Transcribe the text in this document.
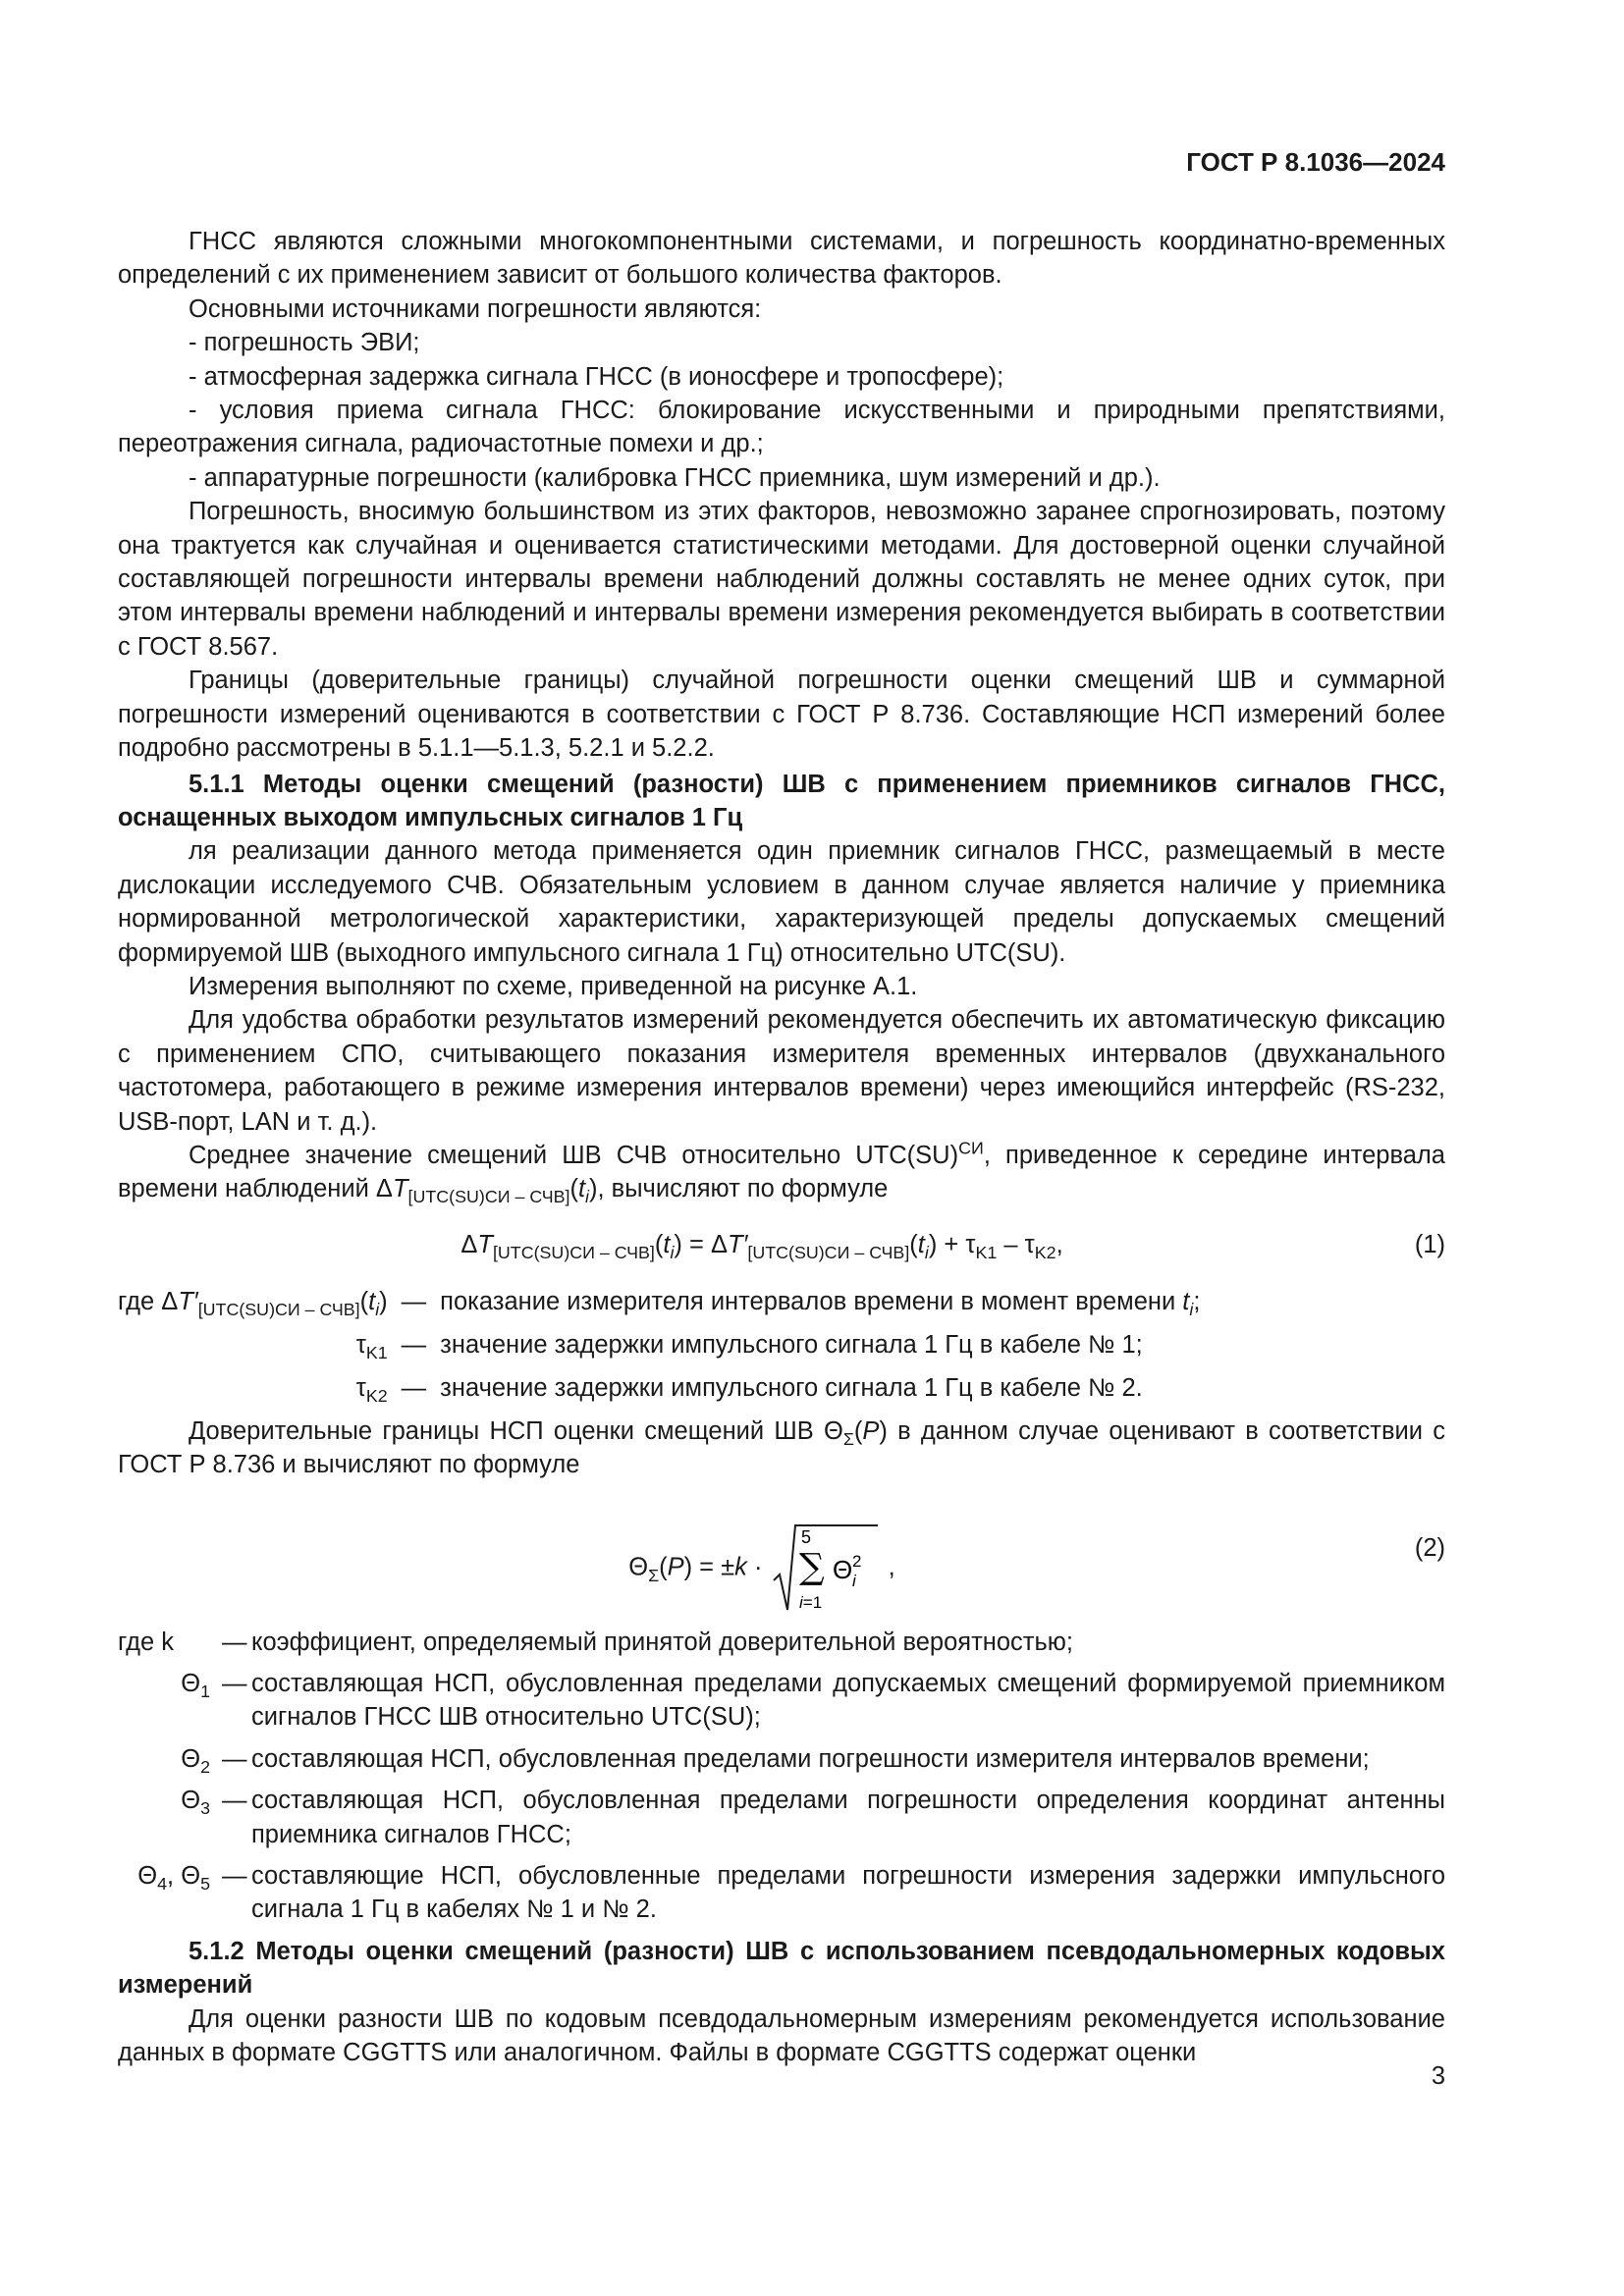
ГОСТ Р 8.1036—2024

ГНСС являются сложными многокомпонентными системами, и погрешность координатно-временных определений с их применением зависит от большого количества факторов.

Основными источниками погрешности являются:

- погрешность ЭВИ;

- атмосферная задержка сигнала ГНСС (в ионосфере и тропосфере);

- условия приема сигнала ГНСС: блокирование искусственными и природными препятствиями, переотражения сигнала, радиочастотные помехи и др.;

- аппаратурные погрешности (калибровка ГНСС приемника, шум измерений и др.).

Погрешность, вносимую большинством из этих факторов, невозможно заранее спрогнозировать, поэтому она трактуется как случайная и оценивается статистическими методами. Для достоверной оценки случайной составляющей погрешности интервалы времени наблюдений должны составлять не менее одних суток, при этом интервалы времени наблюдений и интервалы времени измерения рекомендуется выбирать в соответствии с ГОСТ 8.567.

Границы (доверительные границы) случайной погрешности оценки смещений ШВ и суммарной погрешности измерений оцениваются в соответствии с ГОСТ Р 8.736. Составляющие НСП измерений более подробно рассмотрены в 5.1.1—5.1.3, 5.2.1 и 5.2.2.

5.1.1 Методы оценки смещений (разности) ШВ с применением приемников сигналов ГНСС, оснащенных выходом импульсных сигналов 1 Гц

ля реализации данного метода применяется один приемник сигналов ГНСС, размещаемый в месте дислокации исследуемого СЧВ. Обязательным условием в данном случае является наличие у приемника нормированной метрологической характеристики, характеризующей пределы допускаемых смещений формируемой ШВ (выходного импульсного сигнала 1 Гц) относительно UTC(SU).

Измерения выполняют по схеме, приведенной на рисунке А.1.

Для удобства обработки результатов измерений рекомендуется обеспечить их автоматическую фиксацию с применением СПО, считывающего показания измерителя временных интервалов (двухканального частотомера, работающего в режиме измерения интервалов времени) через имеющийся интерфейс (RS-232, USB-порт, LAN и т. д.).

Среднее значение смещений ШВ СЧВ относительно UTC(SU)$^{СИ}$, приведенное к середине интервала времени наблюдений $\Delta T_{[UTC(SU)СИ - СЧВ]}(t_i)$, вычисляют по формуле

$\Delta T_{[UTC(SU)СИ - СЧВ]}(t_i) = \Delta T'_{[UTC(SU)СИ - СЧВ]}(t_i) + \tau_{K1} - \tau_{K2}$,	(1)
где $\Delta T'_{[UTC(SU)СИ - СЧВ]}(t_i)$	—	показание измерителя интервалов времени в момент времени $t_i$;
$\tau_{K1}$	—	значение задержки импульсного сигнала 1 Гц в кабеле № 1;
$\tau_{K2}$	—	значение задержки импульсного сигнала 1 Гц в кабеле № 2.

Доверительные границы НСП оценки смещений ШВ $\Theta_\Sigma(P)$ в данном случае оценивают в соответствии с ГОСТ Р 8.736 и вычисляют по формуле

$\Theta_\Sigma(P) = \pm k$ ·
5
∑ Θ 2
i
i=1
,
(2)
где k	—	коэффициент, определяемый принятой доверительной вероятностью;
$\Theta_1$	—	составляющая НСП, обусловленная пределами допускаемых смещений формируемой приемником сигналов ГНСС ШВ относительно UTC(SU);
$\Theta_2$	—	составляющая НСП, обусловленная пределами погрешности измерителя интервалов времени;
$\Theta_3$	—	составляющая НСП, обусловленная пределами погрешности определения координат антенны приемника сигналов ГНСС;
$\Theta_4$, $\Theta_5$	—	составляющие НСП, обусловленные пределами погрешности измерения задержки импульсного сигнала 1 Гц в кабелях № 1 и № 2.

5.1.2 Методы оценки смещений (разности) ШВ с использованием псевдодальномерных кодовых измерений

Для оценки разности ШВ по кодовым псевдодальномерным измерениям рекомендуется использование данных в формате CGGTTS или аналогичном. Файлы в формате CGGTTS содержат оценки

3
